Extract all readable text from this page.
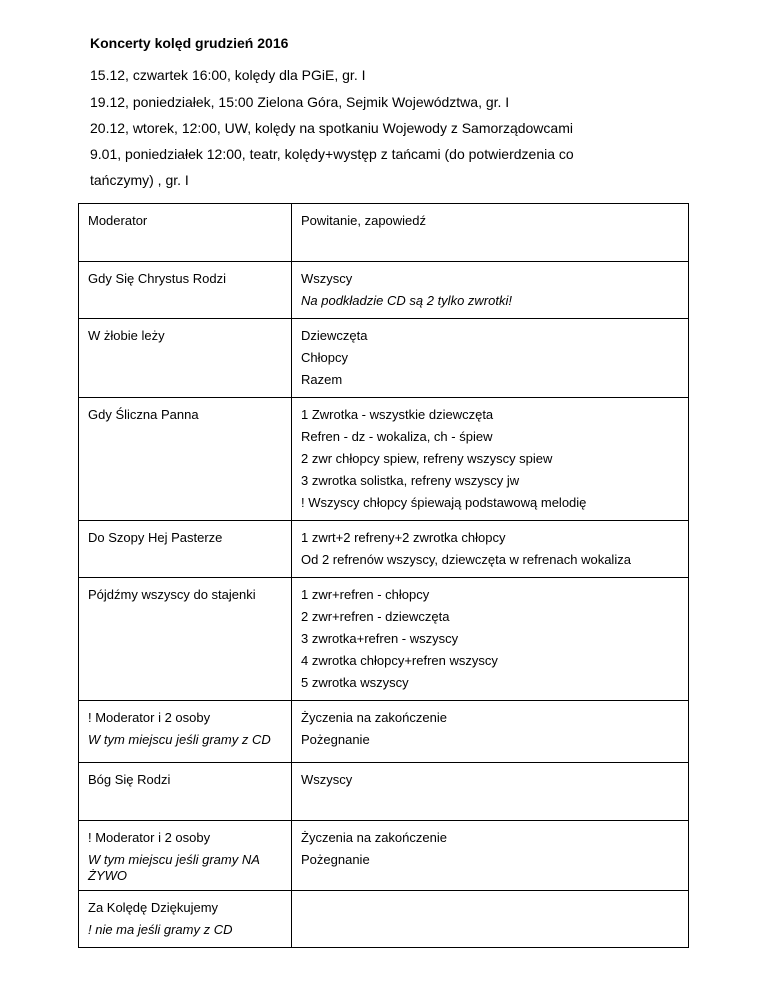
Koncerty kolęd grudzień 2016
15.12, czwartek 16:00, kolędy dla PGiE, gr. I
19.12, poniedziałek, 15:00 Zielona Góra, Sejmik Województwa, gr. I
20.12, wtorek, 12:00, UW, kolędy na spotkaniu Wojewody z Samorządowcami
9.01, poniedziałek 12:00, teatr, kolędy+występ z tańcami (do potwierdzenia co
tańczymy) , gr. I
Moderator	Powitanie, zapowiedź

Gdy Się Chrystus Rodzi	Wszyscy
Na podkładzie CD są 2 tylko zwrotki!

W żłobie leży	Dziewczęta
Chłopcy
Razem

Gdy Śliczna Panna	1 Zwrotka - wszystkie dziewczęta
Refren - dz - wokaliza, ch - śpiew
2 zwr chłopcy spiew, refreny wszyscy spiew
3 zwrotka solistka, refreny wszyscy jw
! Wszyscy chłopcy śpiewają podstawową melodię

Do Szopy Hej Pasterze	1 zwrt+2 refreny+2 zwrotka chłopcy
Od 2 refrenów wszyscy, dziewczęta w refrenach wokaliza

Pójdźmy wszyscy do stajenki	1 zwr+refren - chłopcy
2 zwr+refren - dziewczęta
3 zwrotka+refren - wszyscy
4 zwrotka chłopcy+refren wszyscy
5 zwrotka wszyscy

! Moderator i 2 osoby
W tym miejscu jeśli gramy z CD	Życzenia na zakończenie
Pożegnanie

Bóg Się Rodzi	Wszyscy

! Moderator i 2 osoby
W tym miejscu jeśli gramy NA ŻYWO	Życzenia na zakończenie
Pożegnanie

Za Kolędę Dziękujemy
! nie ma jeśli gramy z CD	
